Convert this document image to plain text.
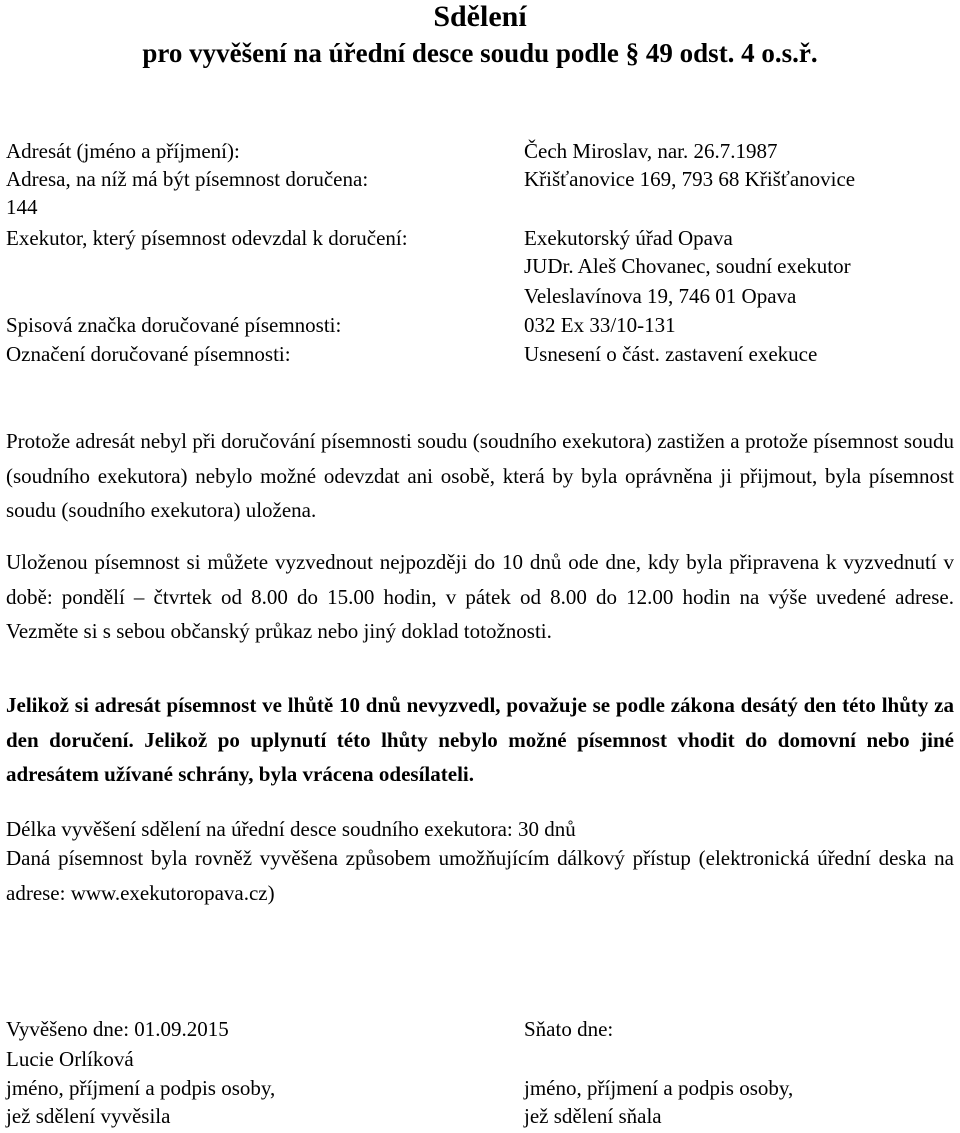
Sdělení
pro vyvěšení na úřední desce soudu podle § 49 odst. 4 o.s.ř.
Adresát (jméno a příjmení):	Čech Miroslav, nar. 26.7.1987
Adresa, na níž má být písemnost doručena:	Křišťanovice 169, 793 68 Křišťanovice
144
Exekutor, který písemnost odevzdal k doručení:	Exekutorský úřad Opava
JUDr. Aleš Chovanec, soudní exekutor
Veleslavínova 19, 746 01 Opava
Spisová značka doručované písemnosti:	032 Ex 33/10-131
Označení doručované písemnosti:	Usnesení o část. zastavení exekuce
Protože adresát nebyl při doručování písemnosti soudu (soudního exekutora) zastižen a protože písemnost soudu (soudního exekutora) nebylo možné odevzdat ani osobě, která by byla oprávněna ji přijmout, byla písemnost soudu (soudního exekutora) uložena.
Uloženou písemnost si můžete vyzvednout nejpozději do 10 dnů ode dne, kdy byla připravena k vyzvednutí v době: pondělí – čtvrtek od 8.00 do 15.00 hodin, v pátek od 8.00 do 12.00 hodin na výše uvedené adrese. Vezměte si s sebou občanský průkaz nebo jiný doklad totožnosti.
Jelikož si adresát písemnost ve lhůtě 10 dnů nevyzvedl, považuje se podle zákona desátý den této lhůty za den doručení. Jelikož po uplynutí této lhůty nebylo možné písemnost vhodit do domovní nebo jiné adresátem užívané schrány, byla vrácena odesílateli.
Délka vyvěšení sdělení na úřední desce soudního exekutora: 30 dnů
Daná písemnost byla rovněž vyvěšena způsobem umožňujícím dálkový přístup (elektronická úřední deska na adrese: www.exekutoropava.cz)
Vyvěšeno dne: 01.09.2015
Lucie Orlíková
jméno, příjmení a podpis osoby,
jež sdělení vyvěsila
Sňato dne:
jméno, příjmení a podpis osoby,
jež sdělení sňala
